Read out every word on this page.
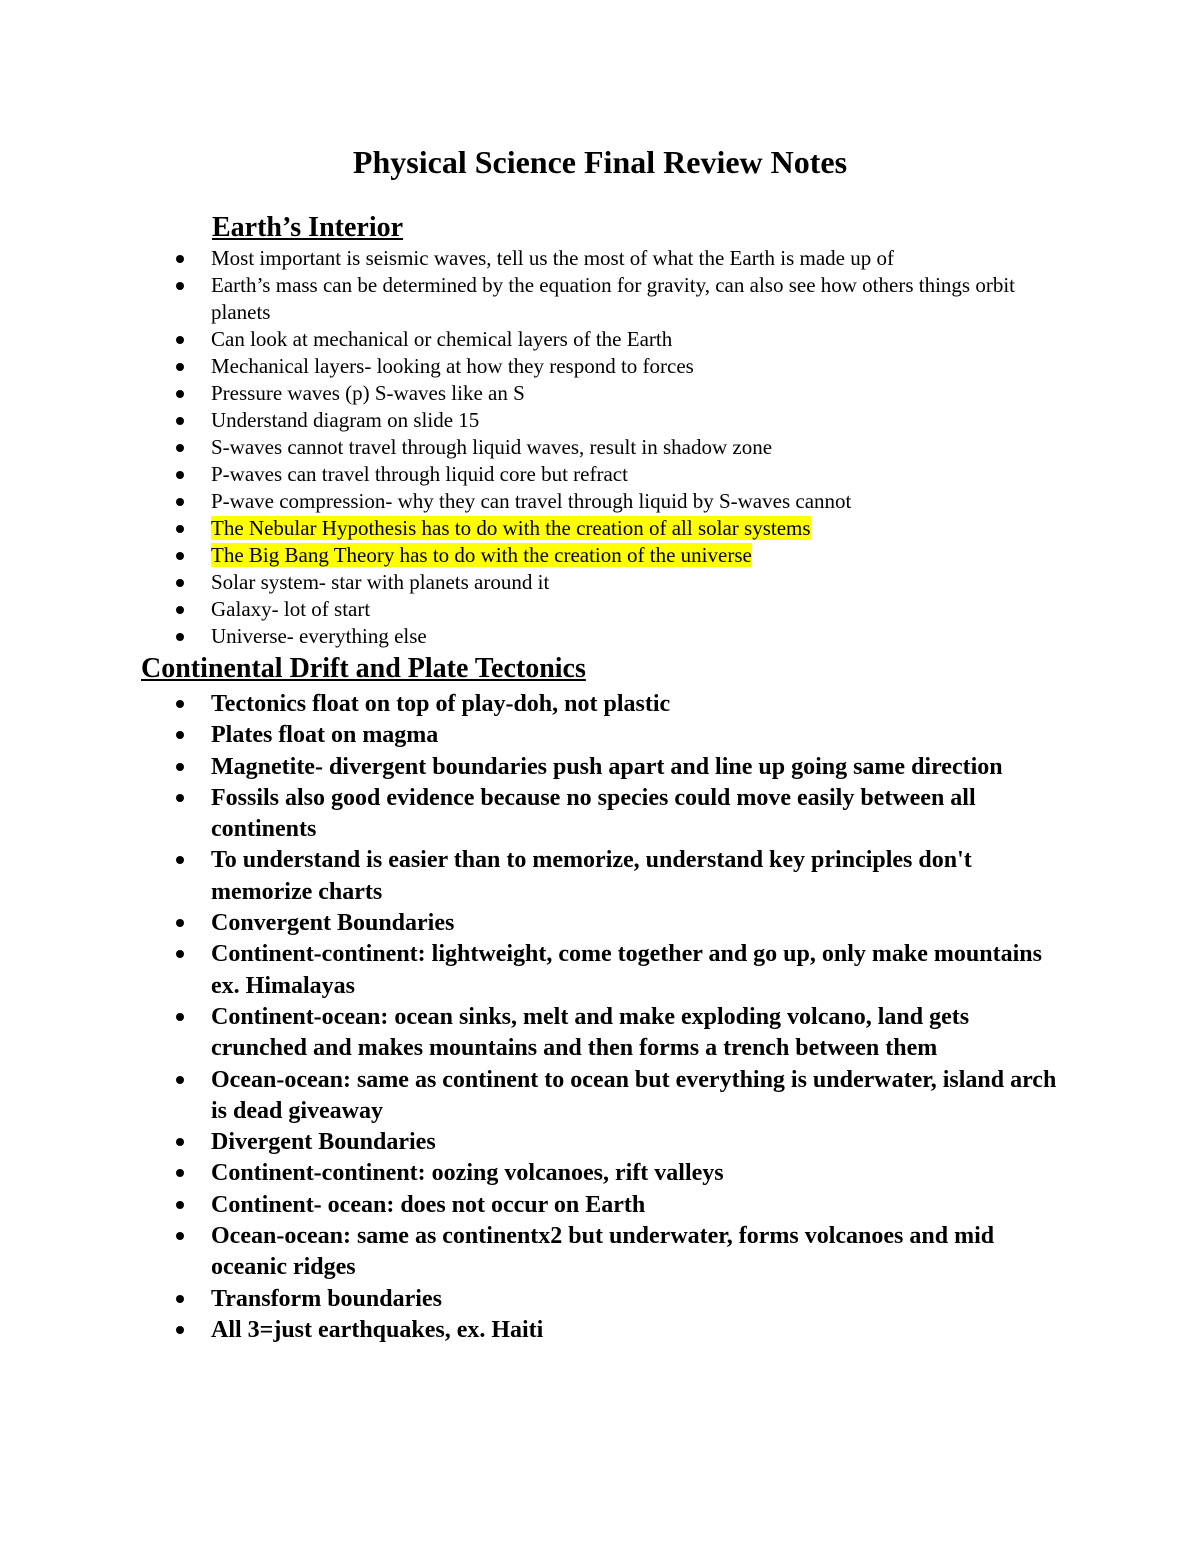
Physical Science Final Review Notes
Earth’s Interior
Most important is seismic waves, tell us the most of what the Earth is made up of
Earth’s mass can be determined by the equation for gravity, can also see how others things orbit planets
Can look at mechanical or chemical layers of the Earth
Mechanical layers- looking at how they respond to forces
Pressure waves (p) S-waves like an S
Understand diagram on slide 15
S-waves cannot travel through liquid waves, result in shadow zone
P-waves can travel through liquid core but refract
P-wave compression- why they can travel through liquid by S-waves cannot
The Nebular Hypothesis has to do with the creation of all solar systems
The Big Bang Theory has to do with the creation of the universe
Solar system- star with planets around it
Galaxy- lot of start
Universe- everything else
Continental Drift and Plate Tectonics
Tectonics float on top of play-doh, not plastic
Plates float on magma
Magnetite- divergent boundaries push apart and line up going same direction
Fossils also good evidence because no species could move easily between all continents
To understand is easier than to memorize, understand key principles don't memorize charts
Convergent Boundaries
Continent-continent: lightweight, come together and go up, only make mountains ex. Himalayas
Continent-ocean: ocean sinks, melt and make exploding volcano, land gets crunched and makes mountains and then forms a trench between them
Ocean-ocean: same as continent to ocean but everything is underwater, island arch is dead giveaway
Divergent Boundaries
Continent-continent: oozing volcanoes, rift valleys
Continent- ocean: does not occur on Earth
Ocean-ocean: same as continentx2 but underwater, forms volcanoes and mid oceanic ridges
Transform boundaries
All 3=just earthquakes, ex. Haiti
